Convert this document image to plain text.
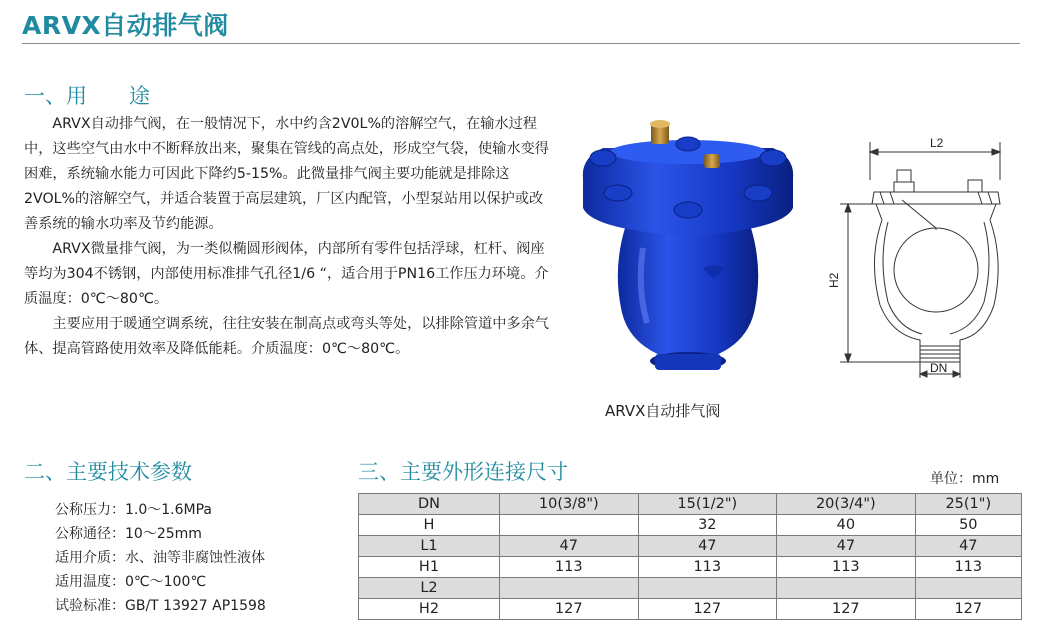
ARVX自动排气阀
一、用　　途

ARVX自动排气阀，在一般情况下，水中约含2V0L%的溶解空气，在输水过程中，这些空气由水中不断释放出来，聚集在管线的高点处，形成空气袋，使输水变得困难，系统输水能力可因此下降约5-15%。此微量排气阀主要功能就是排除这2VOL%的溶解空气，并适合装置于高层建筑，厂区内配管，小型泵站用以保护或改善系统的输水功率及节约能源。

ARVX微量排气阀，为一类似椭圆形阀体，内部所有零件包括浮球，杠杆、阀座等均为304不锈钢，内部使用标准排气孔径1/6 “，适合用于PN16工作压力环境。介质温度：0℃～80℃。

主要应用于暖通空调系统，往往安装在制高点或弯头等处，以排除管道中多余气体、提高管路使用效率及降低能耗。介质温度：0℃～80℃。

ARVX自动排气阀
L2
H2
DN
二、主要技术参数
公称压力：1.0～1.6MPa
公称通径：10～25mm
适用介质：水、油等非腐蚀性液体
适用温度：0℃～100℃
试验标准：GB/T 13927 AP1598
三、主要外形连接尺寸	单位：mm
DN	10(3/8")	15(1/2")	20(3/4")	25(1")
H		32	40	50
L1	47	47	47	47
H1	113	113	113	113
L2				
H2	127	127	127	127
